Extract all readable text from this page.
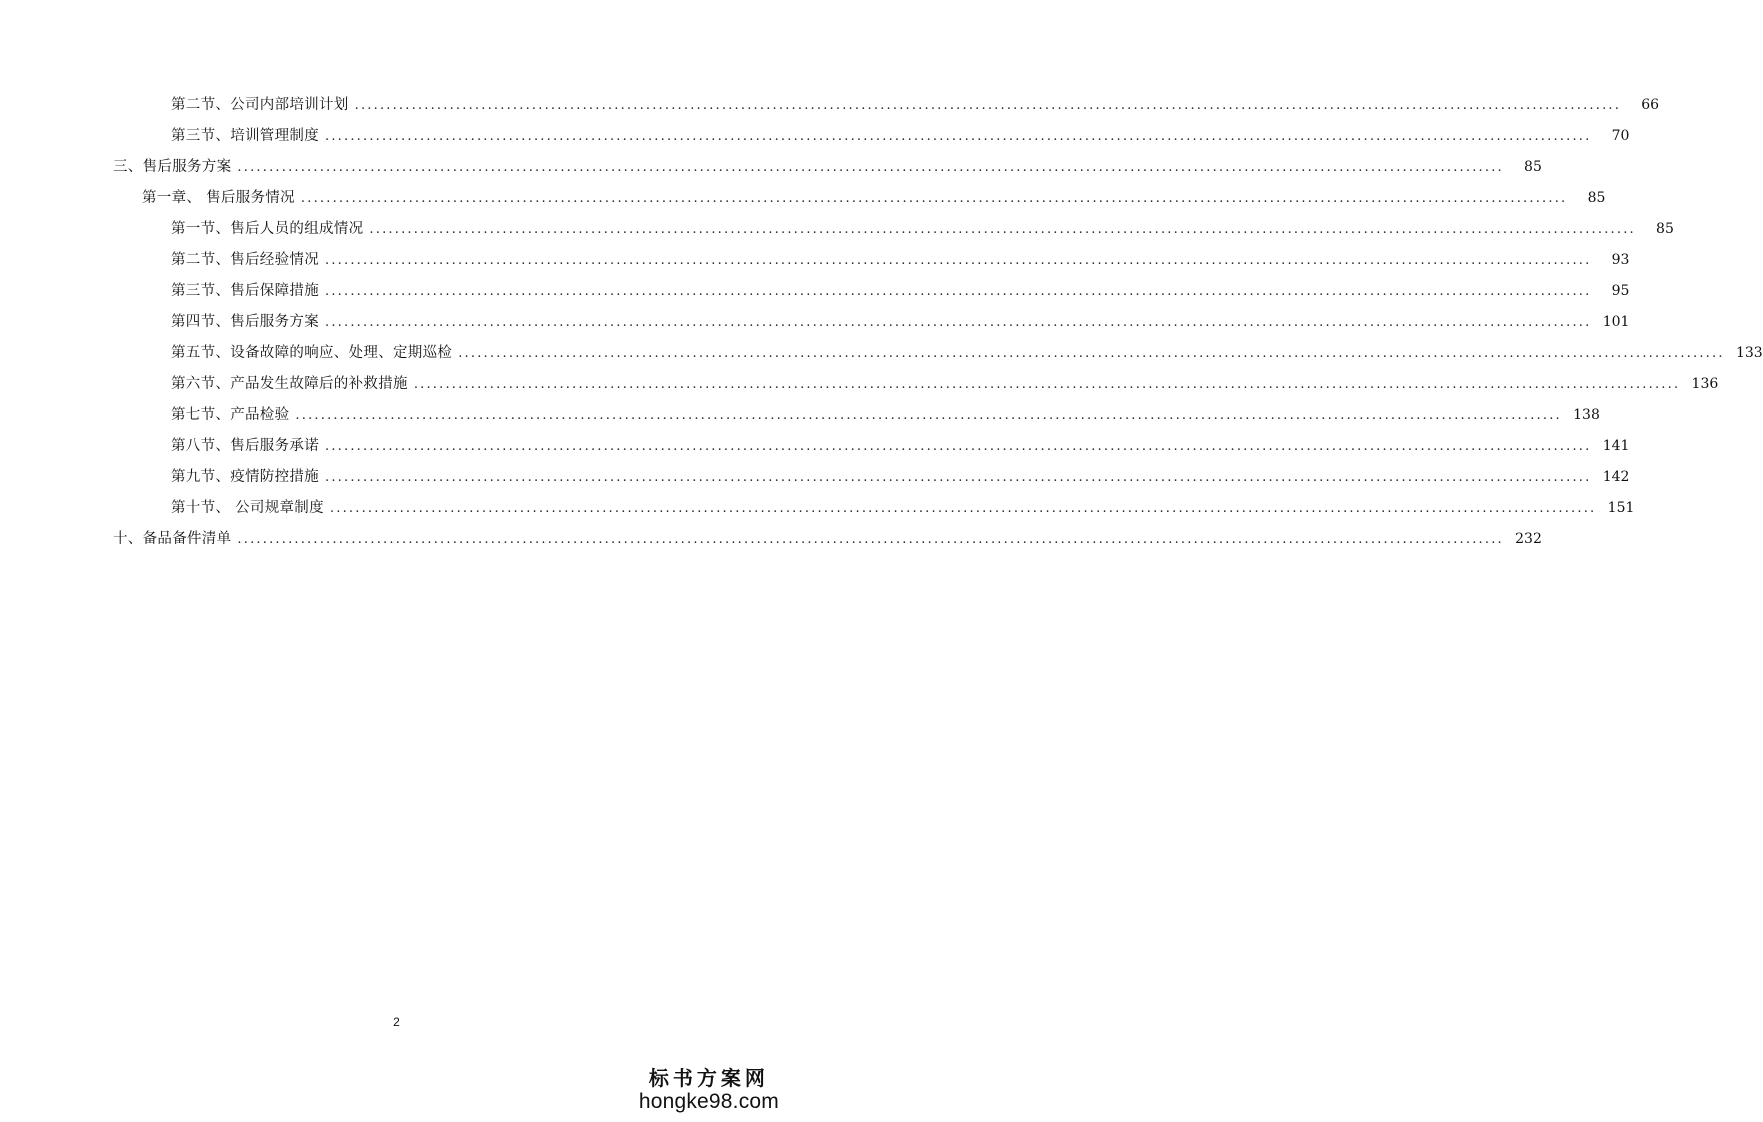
第二节、公司内部培训计划 ........................................................................................................................................................................................................	66
第三节、培训管理制度 ........................................................................................................................................................................................................	70
三、售后服务方案 ........................................................................................................................................................................................................	85
第一章、 售后服务情况 ........................................................................................................................................................................................................	85
第一节、售后人员的组成情况 ........................................................................................................................................................................................................	85
第二节、售后经验情况 ........................................................................................................................................................................................................	93
第三节、售后保障措施 ........................................................................................................................................................................................................	95
第四节、售后服务方案 ........................................................................................................................................................................................................ 101
第五节、设备故障的响应、处理、定期巡检 ........................................................................................................................................................................................................ 133
第六节、产品发生故障后的补救措施 ........................................................................................................................................................................................................ 136
第七节、产品检验 ........................................................................................................................................................................................................ 138
第八节、售后服务承诺 ........................................................................................................................................................................................................ 141
第九节、疫情防控措施 ........................................................................................................................................................................................................ 142
第十节、 公司规章制度 ........................................................................................................................................................................................................ 151
十、备品备件清单 ........................................................................................................................................................................................................ 232
2
标书方案网
hongke98.com
